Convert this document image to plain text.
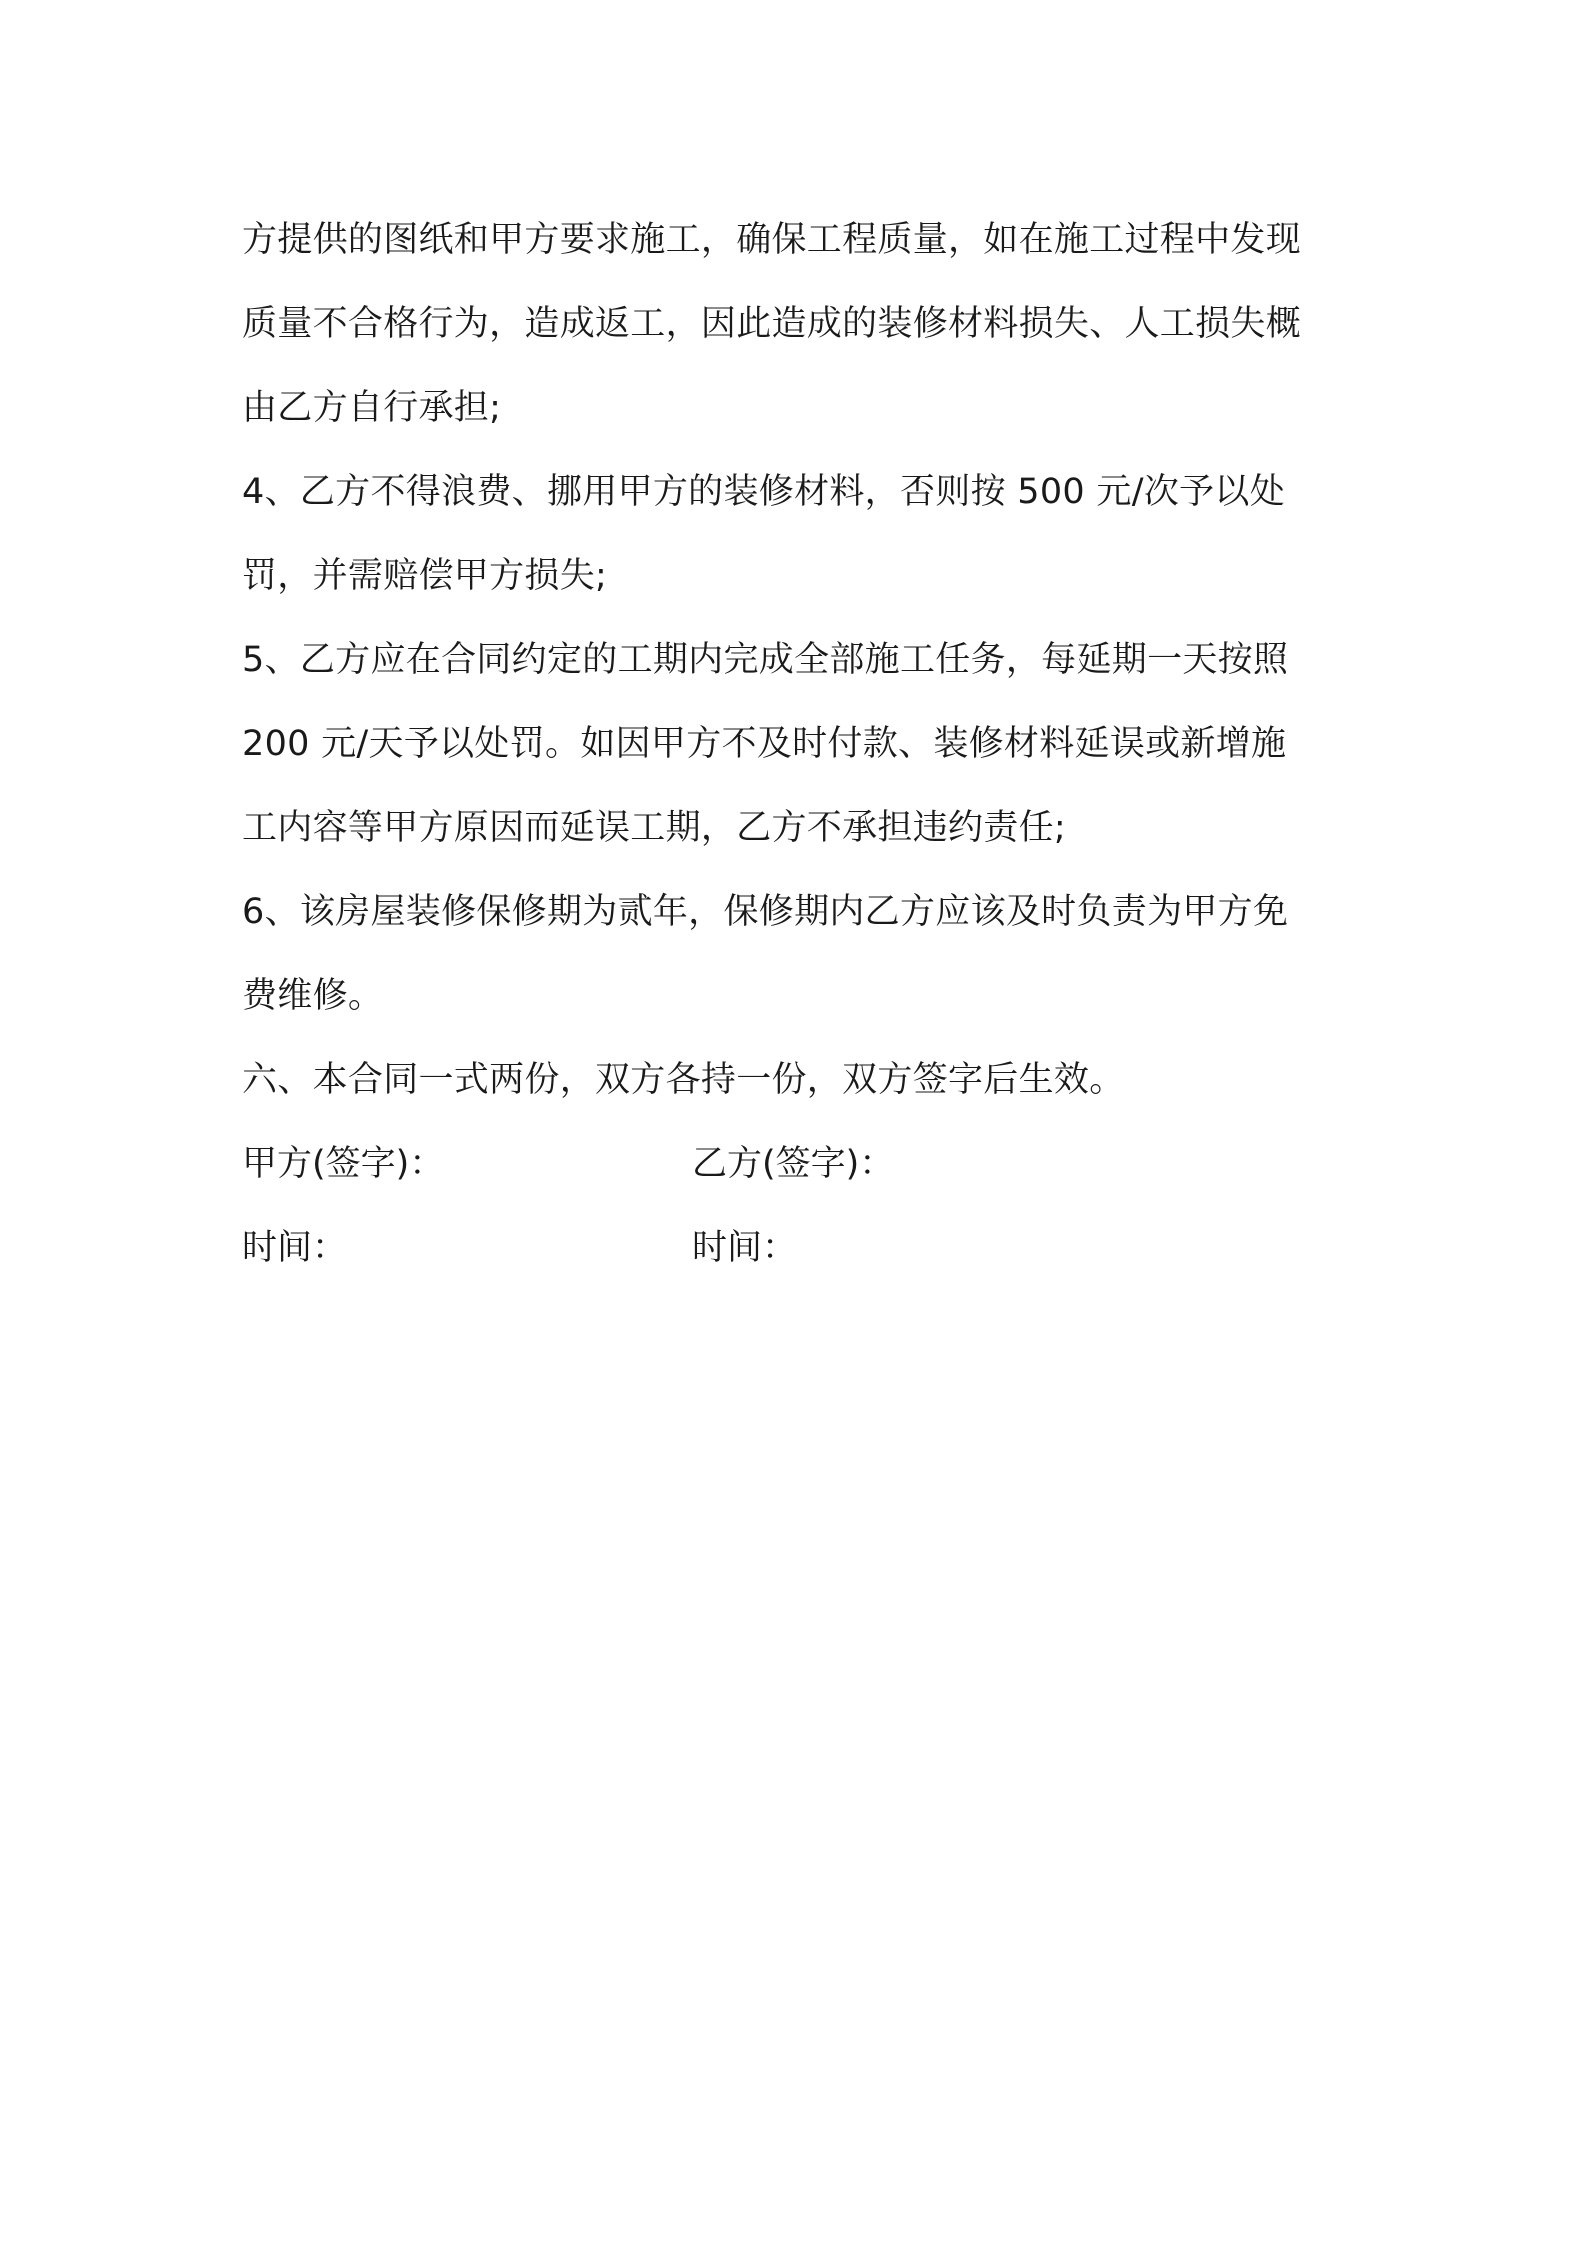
方提供的图纸和甲方要求施工，确保工程质量，如在施工过程中发现
质量不合格行为，造成返工，因此造成的装修材料损失、人工损失概
由乙方自行承担;
4、乙方不得浪费、挪用甲方的装修材料，否则按 500 元/次予以处
罚，并需赔偿甲方损失;
5、乙方应在合同约定的工期内完成全部施工任务，每延期一天按照
200 元/天予以处罚。如因甲方不及时付款、装修材料延误或新增施
工内容等甲方原因而延误工期，乙方不承担违约责任;
6、该房屋装修保修期为贰年，保修期内乙方应该及时负责为甲方免
费维修。
六、本合同一式两份，双方各持一份，双方签字后生效。
甲方(签字)：	乙方(签字)：
时间：	时间：
